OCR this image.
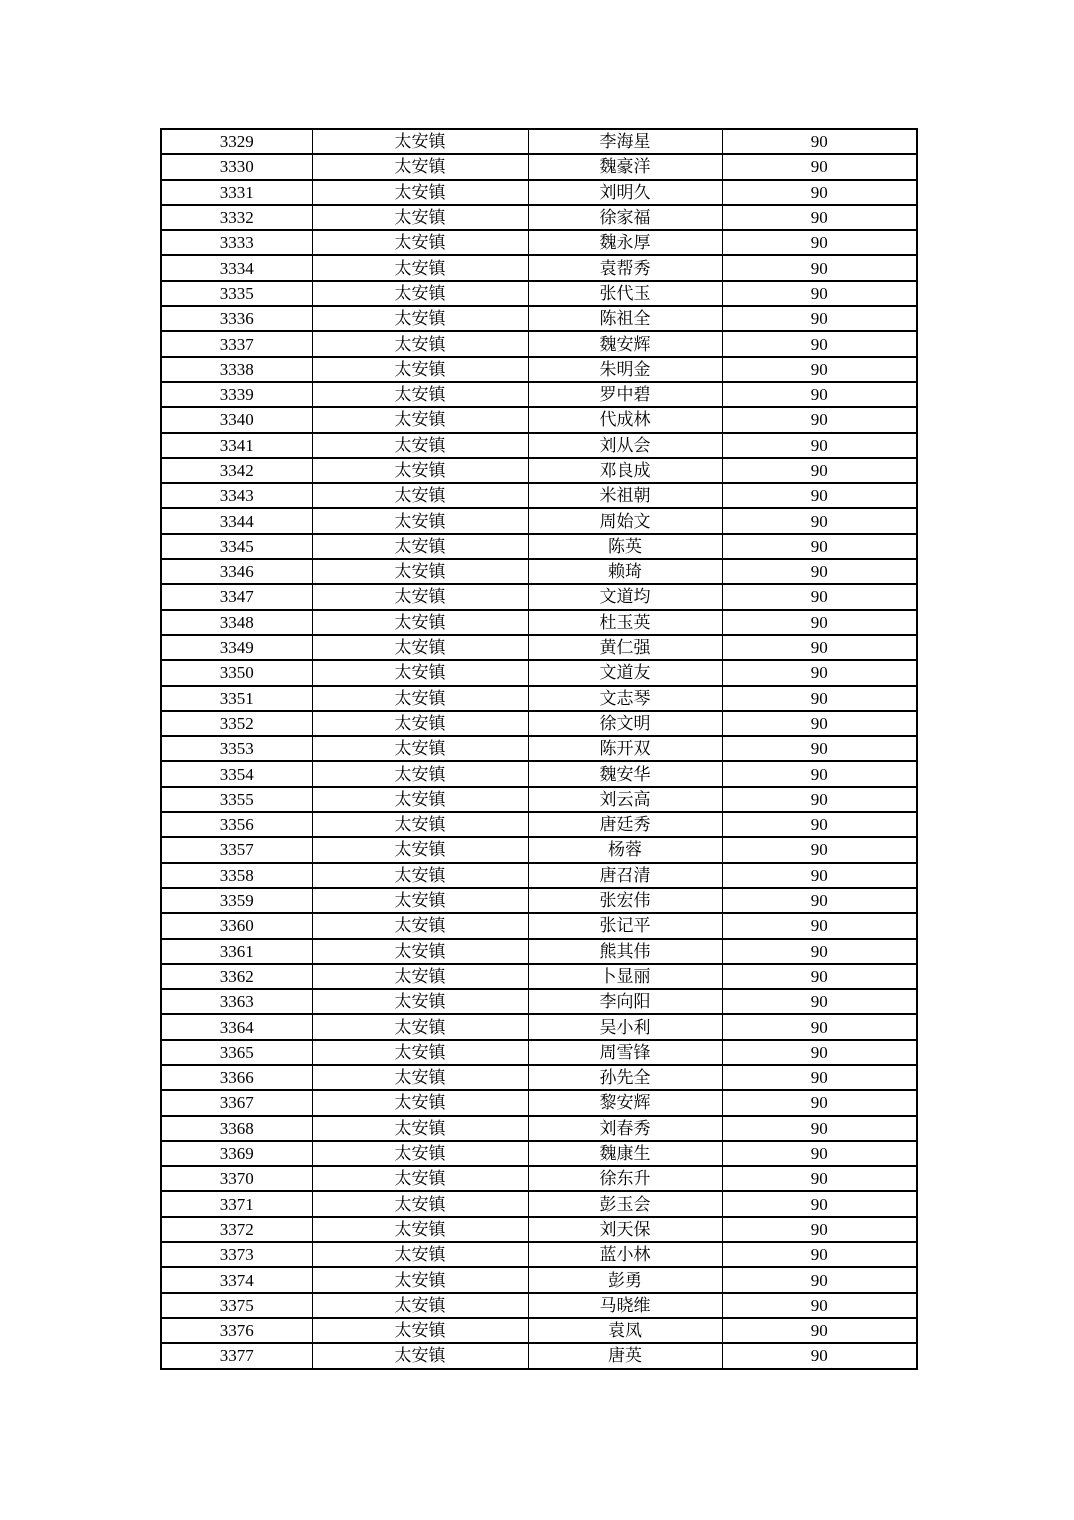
3329	太安镇	李海星	90
3330	太安镇	魏豪洋	90
3331	太安镇	刘明久	90
3332	太安镇	徐家福	90
3333	太安镇	魏永厚	90
3334	太安镇	袁帮秀	90
3335	太安镇	张代玉	90
3336	太安镇	陈祖全	90
3337	太安镇	魏安辉	90
3338	太安镇	朱明金	90
3339	太安镇	罗中碧	90
3340	太安镇	代成林	90
3341	太安镇	刘从会	90
3342	太安镇	邓良成	90
3343	太安镇	米祖朝	90
3344	太安镇	周始文	90
3345	太安镇	陈英	90
3346	太安镇	赖琦	90
3347	太安镇	文道均	90
3348	太安镇	杜玉英	90
3349	太安镇	黄仁强	90
3350	太安镇	文道友	90
3351	太安镇	文志琴	90
3352	太安镇	徐文明	90
3353	太安镇	陈开双	90
3354	太安镇	魏安华	90
3355	太安镇	刘云高	90
3356	太安镇	唐廷秀	90
3357	太安镇	杨蓉	90
3358	太安镇	唐召清	90
3359	太安镇	张宏伟	90
3360	太安镇	张记平	90
3361	太安镇	熊其伟	90
3362	太安镇	卜显丽	90
3363	太安镇	李向阳	90
3364	太安镇	吴小利	90
3365	太安镇	周雪锋	90
3366	太安镇	孙先全	90
3367	太安镇	黎安辉	90
3368	太安镇	刘春秀	90
3369	太安镇	魏康生	90
3370	太安镇	徐东升	90
3371	太安镇	彭玉会	90
3372	太安镇	刘天保	90
3373	太安镇	蓝小林	90
3374	太安镇	彭勇	90
3375	太安镇	马晓维	90
3376	太安镇	袁凤	90
3377	太安镇	唐英	90
